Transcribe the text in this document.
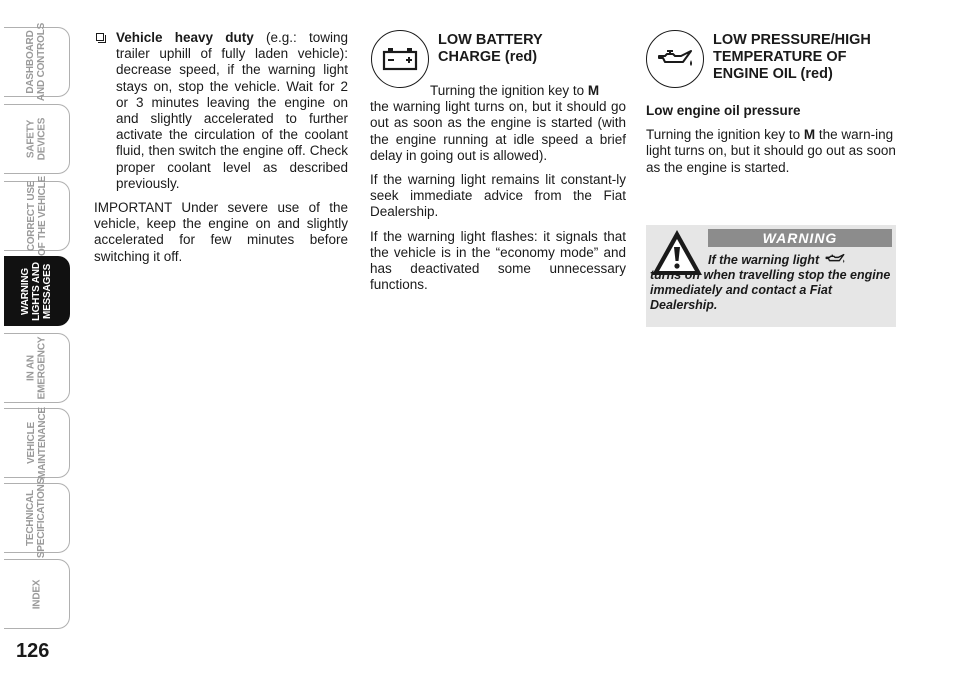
DASHBOARD
AND CONTROLS
SAFETY
DEVICES
CORRECT USE
OF THE VEHICLE
WARNING
LIGHTS AND
MESSAGES
IN AN
EMERGENCY
VEHICLE
MAINTENANCE
TECHNICAL
SPECIFICATIONS
INDEX
126
Vehicle heavy duty (e.g.: towing trailer uphill of fully laden vehicle): decrease speed, if the warning light stays on, stop the vehicle. Wait for 2 or 3 minutes leaving the engine on and slightly accelerated to further activate the circulation of the coolant fluid, then switch the engine off. Check proper coolant level as described previously.

IMPORTANT Under severe use of the vehicle, keep the engine on and slightly accelerated for few minutes before switching it off.

LOW BATTERY
CHARGE (red)

Turning the ignition key to M
the warning light turns on, but it should go out as soon as the engine is started (with the engine running at idle speed a brief delay in going out is allowed).

If the warning light remains lit constant-ly seek immediate advice from the Fiat Dealership.

If the warning light flashes: it signals that the vehicle is in the “economy mode” and has deactivated some unnecessary functions.

LOW PRESSURE/HIGH
TEMPERATURE OF
ENGINE OIL (red)

Low engine oil pressure

Turning the ignition key to M the warn-ing light turns on, but it should go out as soon as the engine is started.

WARNING
If the warning light
turns on when travelling stop the engine immediately and contact a Fiat Dealership.
